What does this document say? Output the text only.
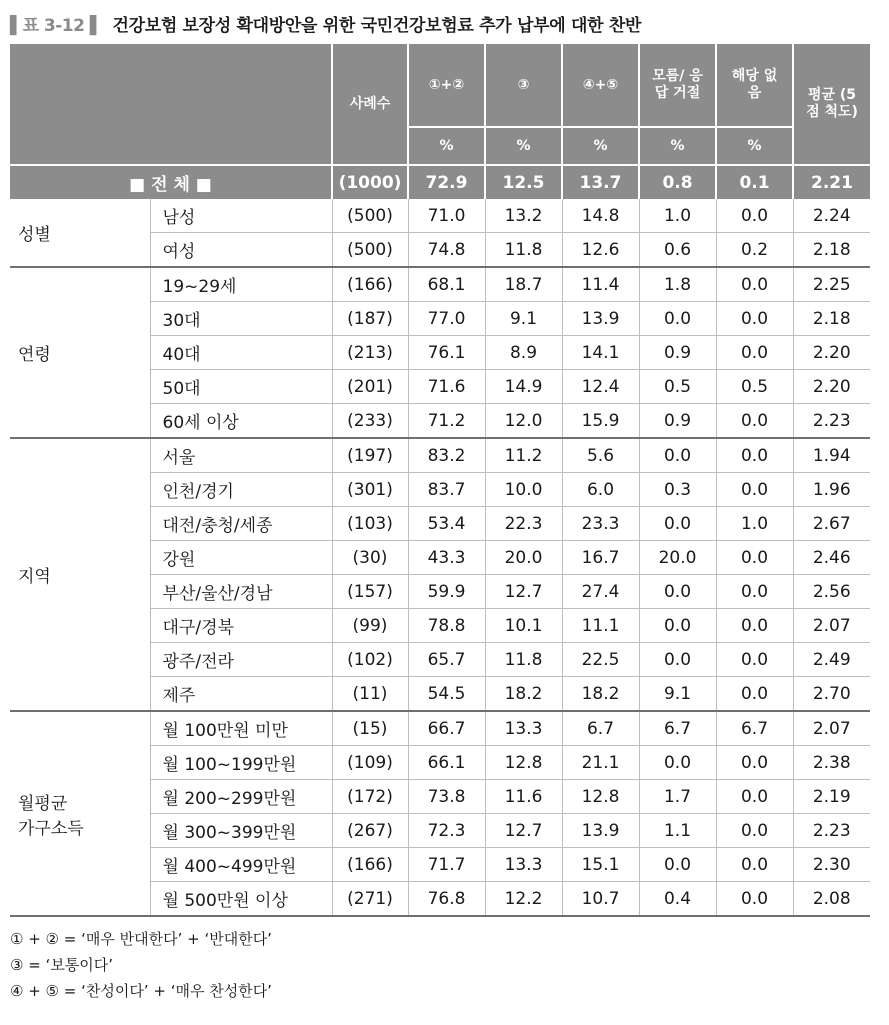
▌표 3-12 ▌ 건강보험 보장성 확대방안을 위한 국민건강보험료 추가 납부에 대한 찬반
		사례수	①+②	③	④+⑤	모름/ 응답 거절	해당 없음	평균 (5점 척도)
			%	%	%	%	%	
■ 전 체 ■		(1000)	72.9	12.5	13.7	0.8	0.1	2.21
성별	남성	(500)	71.0	13.2	14.8	1.0	0.0	2.24
	여성	(500)	74.8	11.8	12.6	0.6	0.2	2.18
연령	19~29세	(166)	68.1	18.7	11.4	1.8	0.0	2.25
	30대	(187)	77.0	9.1	13.9	0.0	0.0	2.18
	40대	(213)	76.1	8.9	14.1	0.9	0.0	2.20
	50대	(201)	71.6	14.9	12.4	0.5	0.5	2.20
	60세 이상	(233)	71.2	12.0	15.9	0.9	0.0	2.23
지역	서울	(197)	83.2	11.2	5.6	0.0	0.0	1.94
	인천/경기	(301)	83.7	10.0	6.0	0.3	0.0	1.96
	대전/충청/세종	(103)	53.4	22.3	23.3	0.0	1.0	2.67
	강원	(30)	43.3	20.0	16.7	20.0	0.0	2.46
	부산/울산/경남	(157)	59.9	12.7	27.4	0.0	0.0	2.56
	대구/경북	(99)	78.8	10.1	11.1	0.0	0.0	2.07
	광주/전라	(102)	65.7	11.8	22.5	0.0	0.0	2.49
	제주	(11)	54.5	18.2	18.2	9.1	0.0	2.70
월평균
가구소득	월 100만원 미만	(15)	66.7	13.3	6.7	6.7	6.7	2.07
	월 100~199만원	(109)	66.1	12.8	21.1	0.0	0.0	2.38
	월 200~299만원	(172)	73.8	11.6	12.8	1.7	0.0	2.19
	월 300~399만원	(267)	72.3	12.7	13.9	1.1	0.0	2.23
	월 400~499만원	(166)	71.7	13.3	15.1	0.0	0.0	2.30
	월 500만원 이상	(271)	76.8	12.2	10.7	0.4	0.0	2.08
① + ② = ‘매우 반대한다’ + ‘반대한다’
③ = ‘보통이다’
④ + ⑤ = ‘찬성이다’ + ‘매우 찬성한다’
